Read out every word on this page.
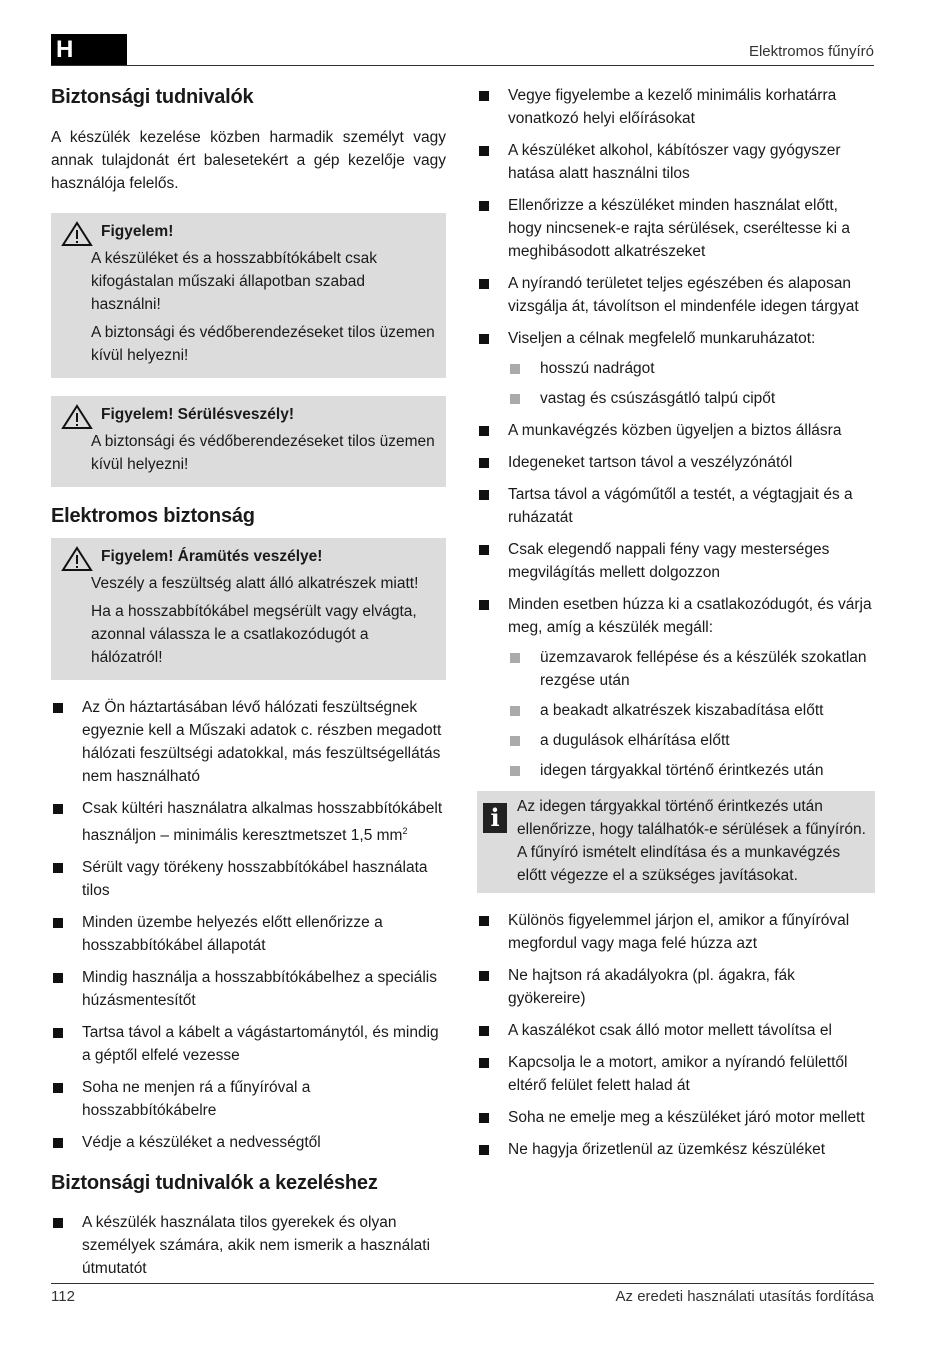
H	Elektromos fűnyíró
Biztonsági tudnivalók

A készülék kezelése közben harmadik személyt vagy annak tulajdonát ért balesetekért a gép kezelője vagy használója felelős.

Figyelem!

A készüléket és a hosszabbítókábelt csak kifogástalan műszaki állapotban szabad használni!

A biztonsági és védőberendezéseket tilos üzemen kívül helyezni!

Figyelem! Sérülésveszély!

A biztonsági és védőberendezéseket tilos üzemen kívül helyezni!

Elektromos biztonság
Figyelem! Áramütés veszélye!

Veszély a feszültség alatt álló alkatrészek miatt!

Ha a hosszabbítókábel megsérült vagy elvágta, azonnal válassza le a csatlakozódugót a hálózatról!

Az Ön háztartásában lévő hálózati feszültségnek egyeznie kell a Műszaki adatok c. részben megadott hálózati feszültségi adatokkal, más feszültségellátás nem használható
Csak kültéri használatra alkalmas hosszabbítókábelt használjon – minimális keresztmetszet 1,5 $mm^2$
Sérült vagy törékeny hosszabbítókábel használata tilos
Minden üzembe helyezés előtt ellenőrizze a hosszabbítókábel állapotát
Mindig használja a hosszabbítókábelhez a speciális húzásmentesítőt
Tartsa távol a kábelt a vágástartománytól, és mindig a géptől elfelé vezesse
Soha ne menjen rá a fűnyíróval a hosszabbítókábelre
Védje a készüléket a nedvességtől
Biztonsági tudnivalók a kezeléshez
A készülék használata tilos gyerekek és olyan személyek számára, akik nem ismerik a használati útmutatót
Vegye figyelembe a kezelő minimális korhatárra vonatkozó helyi előírásokat
A készüléket alkohol, kábítószer vagy gyógyszer hatása alatt használni tilos
Ellenőrizze a készüléket minden használat előtt, hogy nincsenek-e rajta sérülések, cseréltesse ki a meghibásodott alkatrészeket
A nyírandó területet teljes egészében és alaposan vizsgálja át, távolítson el mindenféle idegen tárgyat
Viseljen a célnak megfelelő munkaruházatot:
hosszú nadrágot
vastag és csúszásgátló talpú cipőt
A munkavégzés közben ügyeljen a biztos állásra
Idegeneket tartson távol a veszélyzónától
Tartsa távol a vágóműtől a testét, a végtagjait és a ruházatát
Csak elegendő nappali fény vagy mesterséges megvilágítás mellett dolgozzon
Minden esetben húzza ki a csatlakozódugót, és várja meg, amíg a készülék megáll:
üzemzavarok fellépése és a készülék szokatlan rezgése után
a beakadt alkatrészek kiszabadítása előtt
a dugulások elhárítása előtt
idegen tárgyakkal történő érintkezés után
i	Az idegen tárgyakkal történő érintkezés után ellenőrizze, hogy találhatók-e sérülések a fűnyírón. A fűnyíró ismételt elindítása és a munkavégzés előtt végezze el a szükséges javításokat.
Különös figyelemmel járjon el, amikor a fűnyíróval megfordul vagy maga felé húzza azt
Ne hajtson rá akadályokra (pl. ágakra, fák gyökereire)
A kaszálékot csak álló motor mellett távolítsa el
Kapcsolja le a motort, amikor a nyírandó felülettől eltérő felület felett halad át
Soha ne emelje meg a készüléket járó motor mellett
Ne hagyja őrizetlenül az üzemkész készüléket
112	Az eredeti használati utasítás fordítása
